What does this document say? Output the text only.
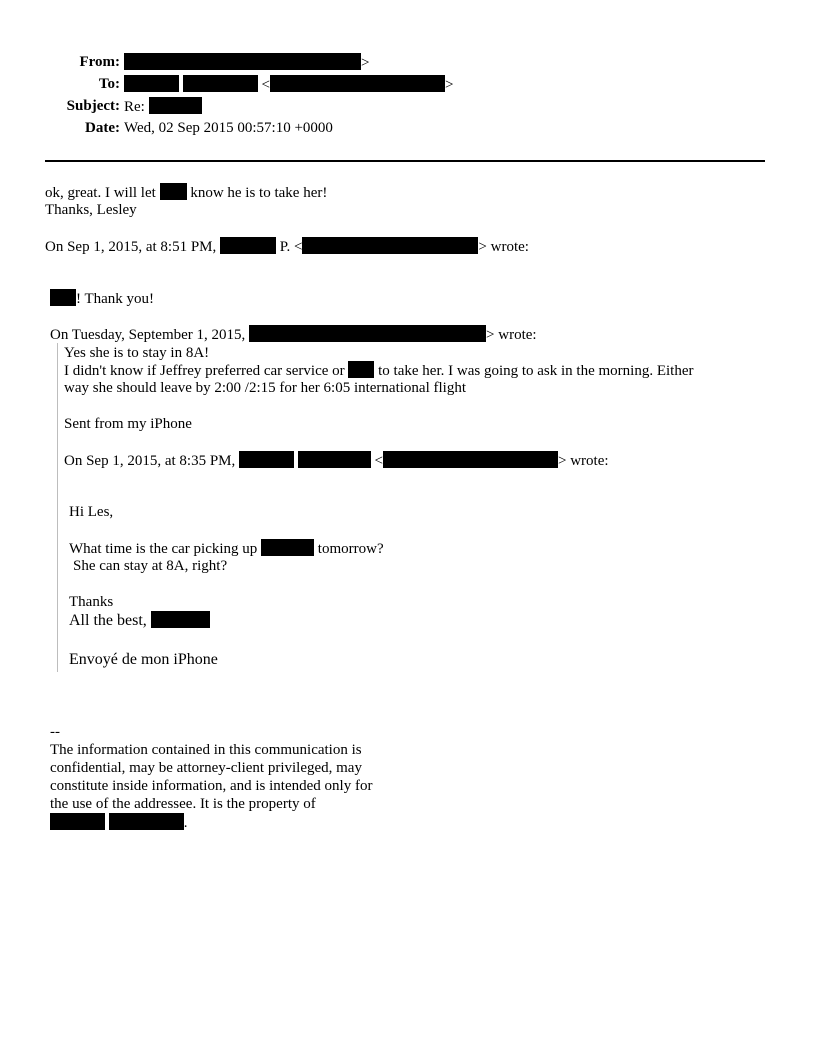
From:	>
To:	<	>
Subject: Re:
Date: Wed, 02 Sep 2015 00:57:10 +0000
ok, great. I will let know he is to take her!
Thanks, Lesley
On Sep 1, 2015, at 8:51 PM,	P. <	> wrote:
! Thank you!
On Tuesday, September 1, 2015,	> wrote:
Yes she is to stay in 8A!
I didn't know if Jeffrey preferred car service or to take her. I was going to ask in the morning. Either
way she should leave by 2:00 /2:15 for her 6:05 international flight
Sent from my iPhone
On Sep 1, 2015, at 8:35 PM,	<	> wrote:
Hi Les,
What time is the car picking up	tomorrow?
She can stay at 8A, right?
Thanks
All the best,
Envoyé de mon iPhone
--
The information contained in this communication is
confidential, may be attorney-client privileged, may
constitute inside information, and is intended only for
the use of the addressee. It is the property of
.
